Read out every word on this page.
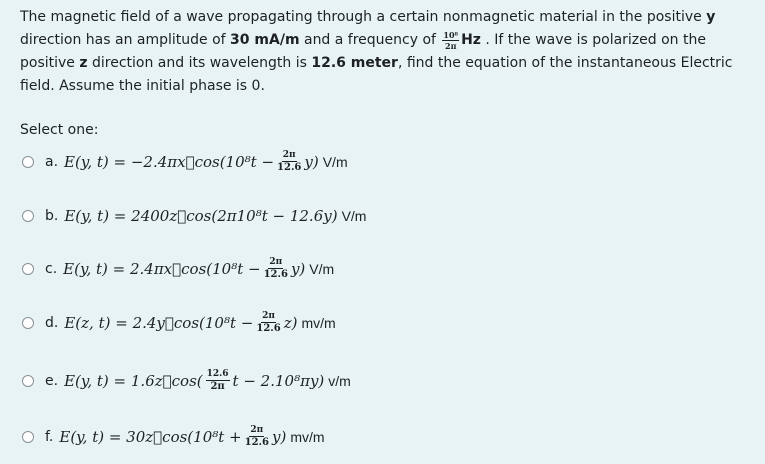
The magnetic field of a wave propagating through a certain nonmagnetic material in the positive y direction has an amplitude of 30 mA/m and a frequency of $\frac{\text{10⁸}}{2\pi}$ Hz . If the wave is polarized on the positive z direction and its wavelength is 12.6 meter, find the equation of the instantaneous Electric field. Assume the initial phase is 0.
Select one:
a. E(y, t) = −2.4πx⃗cos(10⁸t − $\frac{2\pi}{12.6} y$) V/m
b. E(y, t) = 2400z⃗cos(2π10⁸t − 12.6y) V/m
c. E(y, t) = 2.4πx⃗cos(10⁸t − $\frac{2\pi}{12.6} y$) V/m
d. E(z, t) = 2.4y⃗cos(10⁸t − $\frac{2\pi}{12.6} z$) mv/m
e. E(y, t) = 1.6z⃗cos( $\frac{12.6}{2\pi}$ t − 2.10⁸πy) v/m
f. E(y, t) = 30z⃗cos(10⁸t + $\frac{2\pi}{12.6} y$) mv/m
